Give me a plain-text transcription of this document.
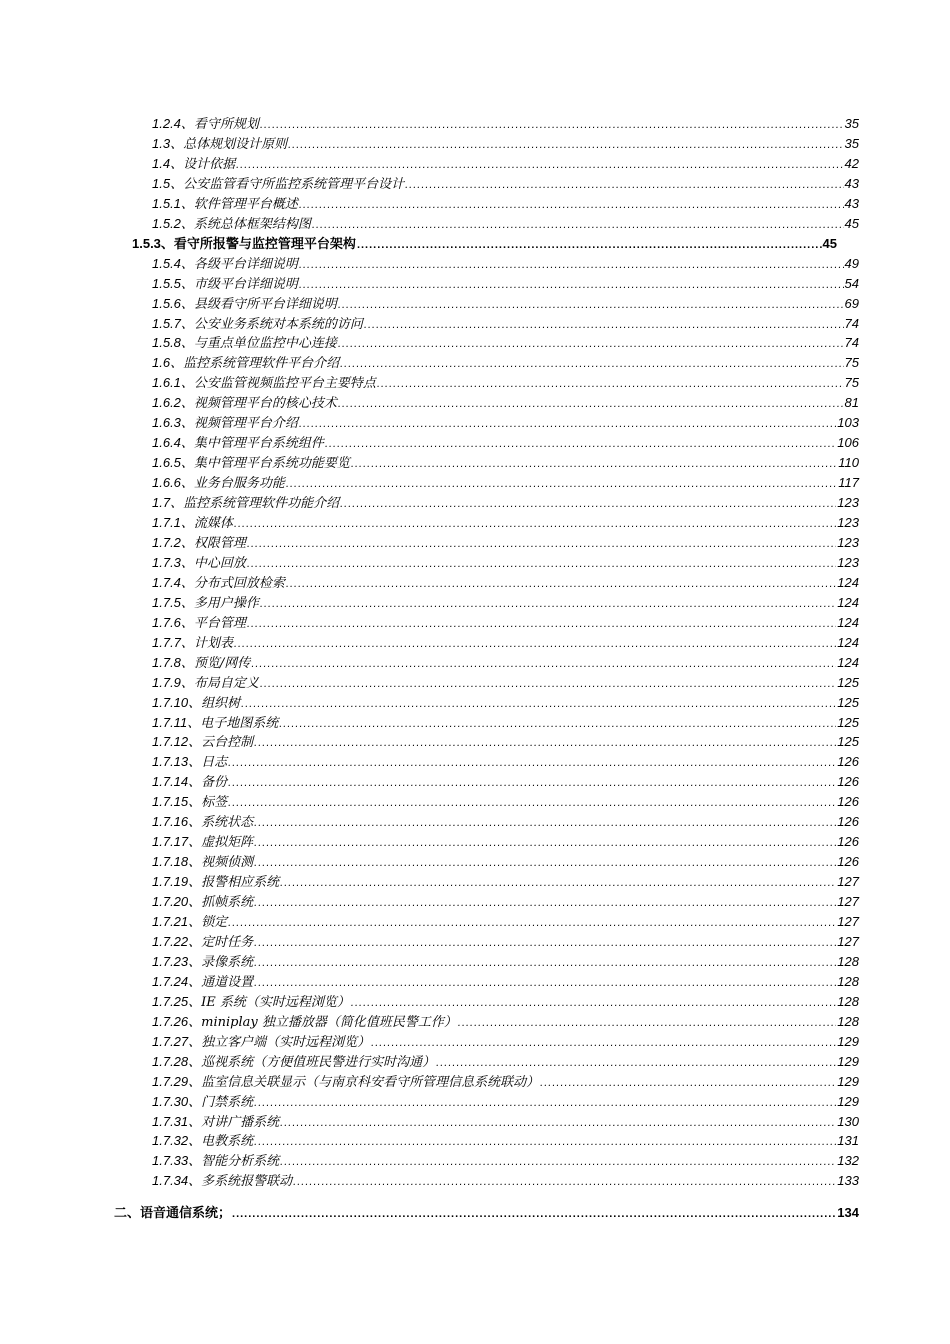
1.2.4 、看守所规划 .....	35
1.3 、总体规划设计原则 .....	35
1.4 、设计依据 .....	42
1.5 、公安监管看守所监控系统管理平台设计 .....	43
1.5.1 、软件管理平台概述 .....	43
1.5.2 、系统总体框架结构图 .....	45
1.5.3 、看守所报警与监控管理平台架构 .....	45
1.5.4 、各级平台详细说明 .....	49
1.5.5 、市级平台详细说明 .....	54
1.5.6 、县级看守所平台详细说明 .....	69
1.5.7 、公安业务系统对本系统的访问 .....	74
1.5.8 、与重点单位监控中心连接 .....	74
1.6 、监控系统管理软件平台介绍 .....	75
1.6.1 、公安监管视频监控平台主要特点 .....	75
1.6.2 、视频管理平台的核心技术 .....	81
1.6.3 、视频管理平台介绍 .....	103
1.6.4 、集中管理平台系统组件 .....	106
1.6.5 、集中管理平台系统功能要览 .....	110
1.6.6 、业务台服务功能 .....	117
1.7 、监控系统管理软件功能介绍 .....	123
1.7.1 、流媒体 .....	123
1.7.2 、权限管理 .....	123
1.7.3 、中心回放 .....	123
1.7.4 、分布式回放检索 .....	124
1.7.5 、多用户操作 .....	124
1.7.6 、平台管理 .....	124
1.7.7 、计划表 .....	124
1.7.8 、预览/网传 .....	124
1.7.9 、布局自定义 .....	125
1.7.10 、组织树 .....	125
1.7.11 、电子地图系统 .....	125
1.7.12 、云台控制 .....	125
1.7.13 、日志 .....	126
1.7.14 、备份 .....	126
1.7.15 、标签 .....	126
1.7.16 、系统状态 .....	126
1.7.17 、虚拟矩阵 .....	126
1.7.18 、视频侦测 .....	126
1.7.19 、报警相应系统 .....	127
1.7.20 、抓帧系统 .....	127
1.7.21 、锁定 .....	127
1.7.22 、定时任务 .....	127
1.7.23 、录像系统 .....	128
1.7.24 、通道设置 .....	128
1.7.25 、IE 系统（实时远程浏览） .....	128
1.7.26 、miniplay 独立播放器（简化值班民警工作） .....	128
1.7.27 、独立客户端（实时远程浏览） .....	129
1.7.28 、巡视系统（方便值班民警进行实时沟通） .....	129
1.7.29 、监室信息关联显示（与南京科安看守所管理信息系统联动） .....	129
1.7.30 、门禁系统 .....	129
1.7.31 、对讲广播系统 .....	130
1.7.32 、电教系统 .....	131
1.7.33 、智能分析系统 .....	132
1.7.34 、多系统报警联动 .....	133
二、语音通信系统； .....	134
